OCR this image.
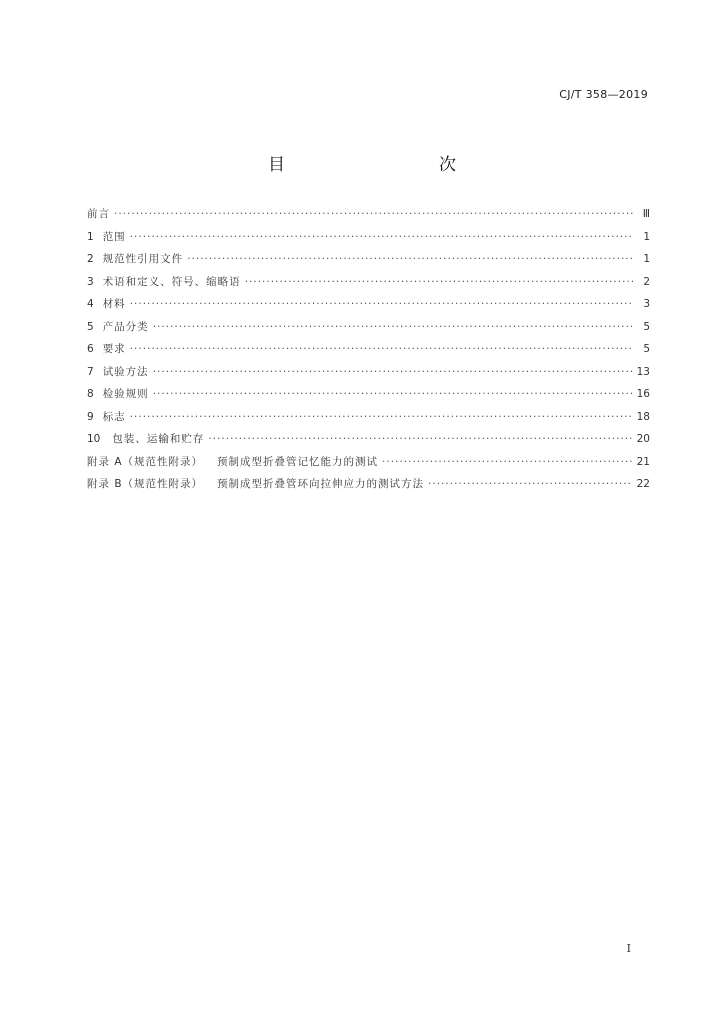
CJ/T 358—2019
目　　次
前言 ·····	Ⅲ
1 范围 ·····	1
2 规范性引用文件 ·····	1
3 术语和定义、符号、缩略语 ·····	2
4 材料 ·····	3
5 产品分类 ·····	5
6 要求 ·····	5
7 试验方法 ·····	13
8 检验规则 ·····	16
9 标志 ·····	18
10 包装、运输和贮存 ·····	20
附录 A（规范性附录） 预制成型折叠管记忆能力的测试 ·····	21
附录 B（规范性附录） 预制成型折叠管环向拉伸应力的测试方法 ·····	22
I
